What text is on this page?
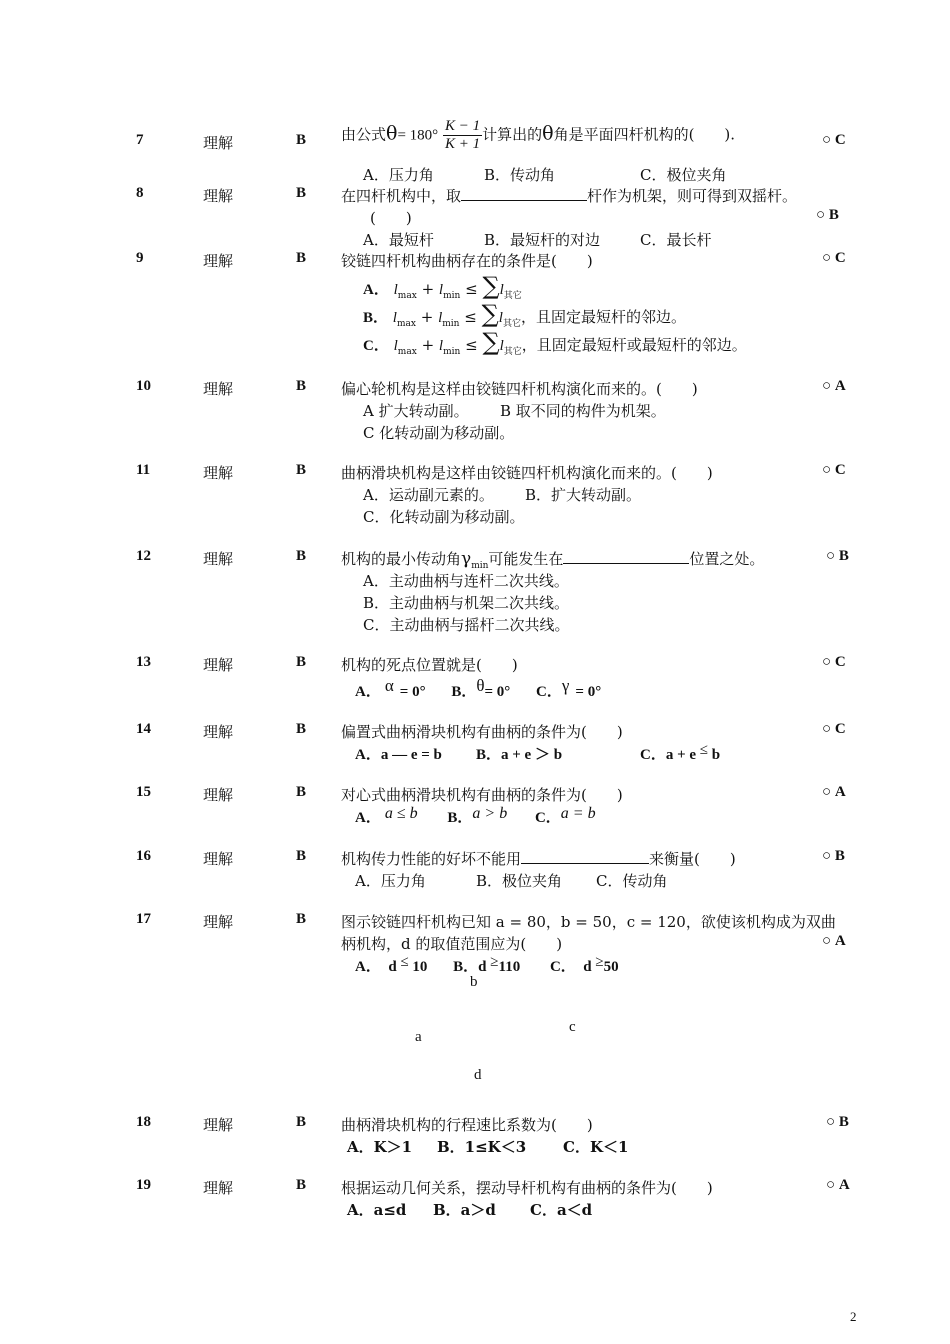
7	理解	B 由公式$\theta= 180^\circ \frac{K - 1}{K + 1}$ 计算出的θ角是平面四杆机构的(　　).	○ C
A．压力角	B．传动角	C．极位夹角
8	理解	B 在四杆机构中，取	杆作为机架，则可得到双摇杆。
(　　)	○ B
A．最短杆	B．最短杆的对边	C．最长杆
9	理解	B 铰链四杆机构曲柄存在的条件是(　　)	○ C
A． $l_{max} + l_{min} \le \sum l_{其它}$
B． $l_{max} + l_{min} \le \sum l_{其它}$，且固定最短杆的邻边。
C． $l_{max} + l_{min} \le \sum l_{其它}$，且固定最短杆或最短杆的邻边。
10	理解	B 偏心轮机构是这样由铰链四杆机构演化而来的。(　　)	○ A
A 扩大转动副。 B 取不同的构件为机架。
C 化转动副为移动副。
11	理解	B 曲柄滑块机构是这样由铰链四杆机构演化而来的。(　　)	○ C
A．运动副元素的。 B．扩大转动副。
C．化转动副为移动副。
12	理解	B 机构的最小传动角$\gamma_{min}$可能发生在	位置之处。	○ B
A．主动曲柄与连杆二次共线。
B．主动曲柄与机架二次共线。
C．主动曲柄与摇杆二次共线。
13	理解	B 机构的死点位置就是(　　)	○ C
A． α = 0° B．θ= 0° C．γ = 0°
14	理解	B 偏置式曲柄滑块机构有曲柄的条件为(　　)	○ C
A．a — e = b B．a + e ＞ b	C．a + e ≤ b
15	理解	B 对心式曲柄滑块机构有曲柄的条件为(　　)	○ A
A． a ≤ b B．a > b C．a = b
16	理解	B 机构传力性能的好坏不能用	来衡量(　　)	○ B
A．压力角	B．极位夹角 C．传动角
17	理解	B 图示铰链四杆机构已知 a = 80，b = 50，c = 120，欲使该机构成为双曲
柄机构，d 的取值范围应为(　　)	○ A
A．　d ≤ 10 B．d ≥110 C．　d ≥50
b
c
a
d
18	理解	B 曲柄滑块机构的行程速比系数为(　　)	○ B
A．K＞1 B．1≤K＜3 C．K＜1
19	理解	B 根据运动几何关系，摆动导杆机构有曲柄的条件为(　　)	○ A
A．a≤d B．a＞d C．a＜d
2
